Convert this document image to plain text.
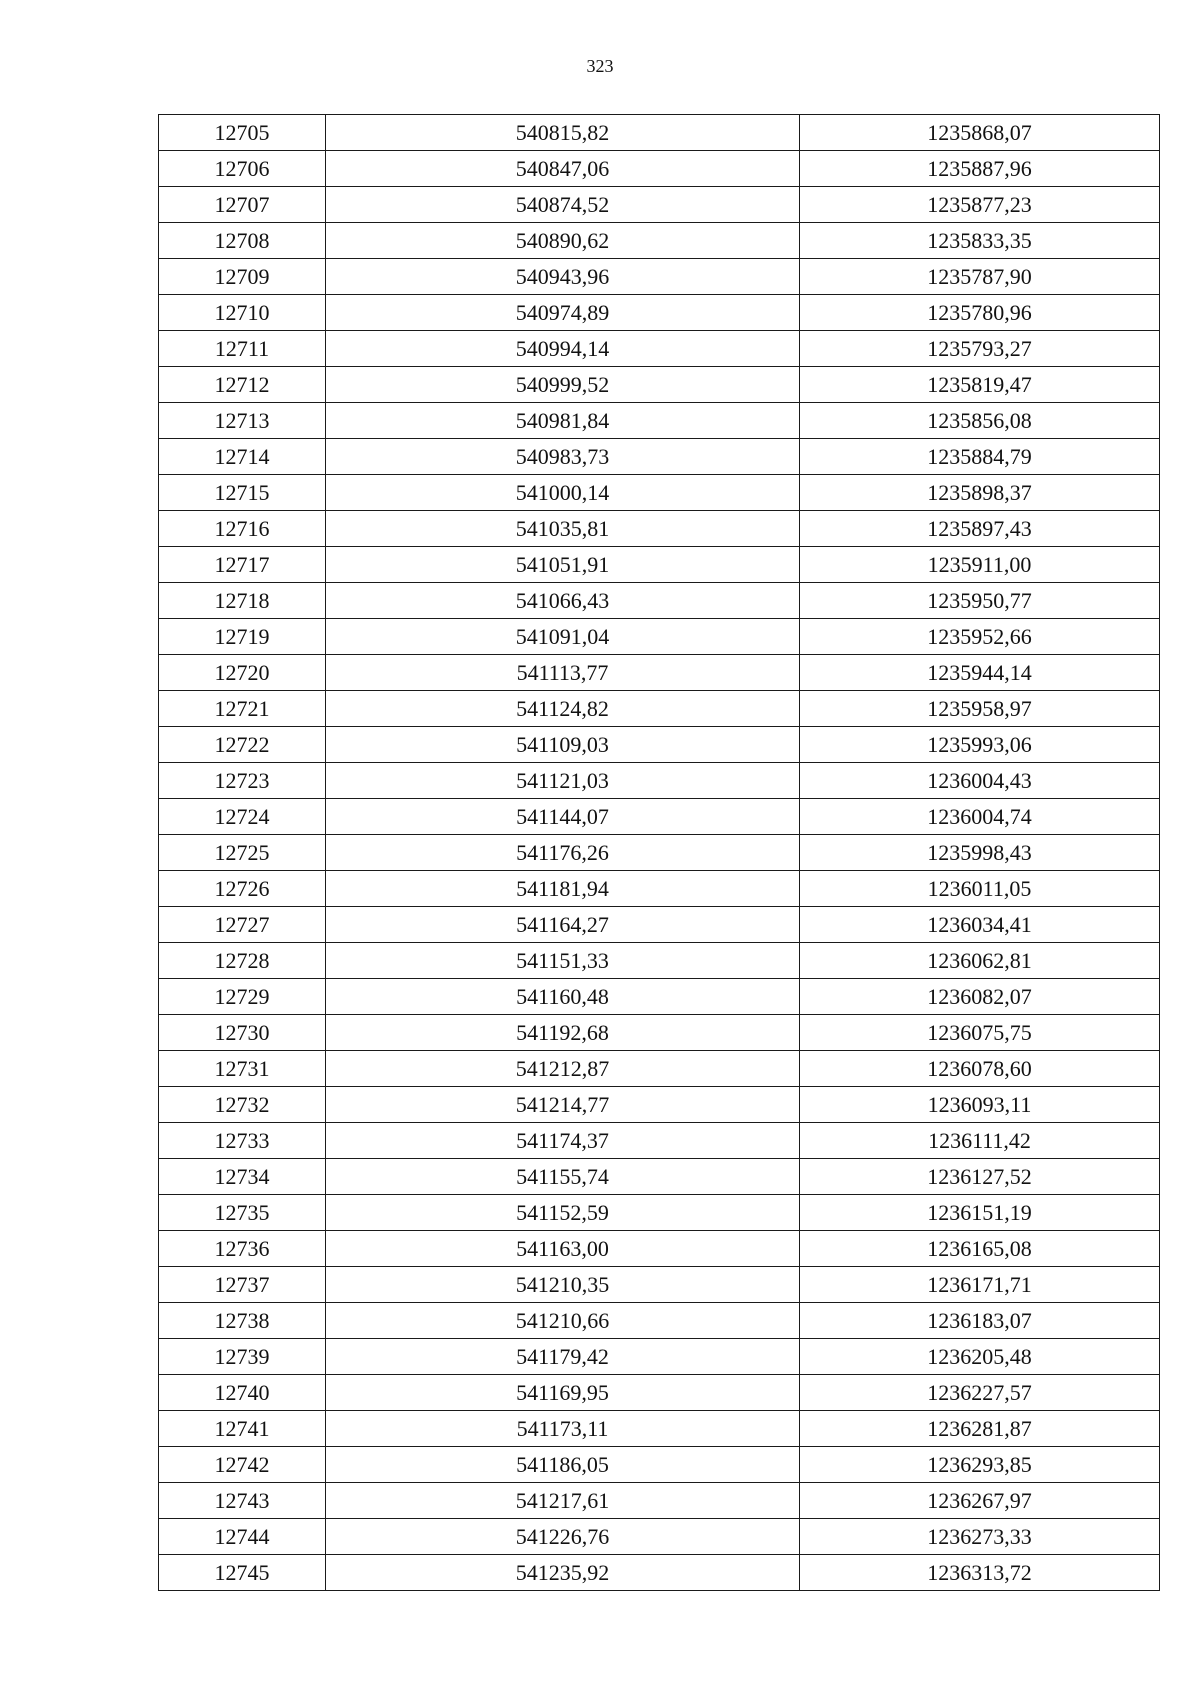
323
12705	540815,82	1235868,07
12706	540847,06	1235887,96
12707	540874,52	1235877,23
12708	540890,62	1235833,35
12709	540943,96	1235787,90
12710	540974,89	1235780,96
12711	540994,14	1235793,27
12712	540999,52	1235819,47
12713	540981,84	1235856,08
12714	540983,73	1235884,79
12715	541000,14	1235898,37
12716	541035,81	1235897,43
12717	541051,91	1235911,00
12718	541066,43	1235950,77
12719	541091,04	1235952,66
12720	541113,77	1235944,14
12721	541124,82	1235958,97
12722	541109,03	1235993,06
12723	541121,03	1236004,43
12724	541144,07	1236004,74
12725	541176,26	1235998,43
12726	541181,94	1236011,05
12727	541164,27	1236034,41
12728	541151,33	1236062,81
12729	541160,48	1236082,07
12730	541192,68	1236075,75
12731	541212,87	1236078,60
12732	541214,77	1236093,11
12733	541174,37	1236111,42
12734	541155,74	1236127,52
12735	541152,59	1236151,19
12736	541163,00	1236165,08
12737	541210,35	1236171,71
12738	541210,66	1236183,07
12739	541179,42	1236205,48
12740	541169,95	1236227,57
12741	541173,11	1236281,87
12742	541186,05	1236293,85
12743	541217,61	1236267,97
12744	541226,76	1236273,33
12745	541235,92	1236313,72
